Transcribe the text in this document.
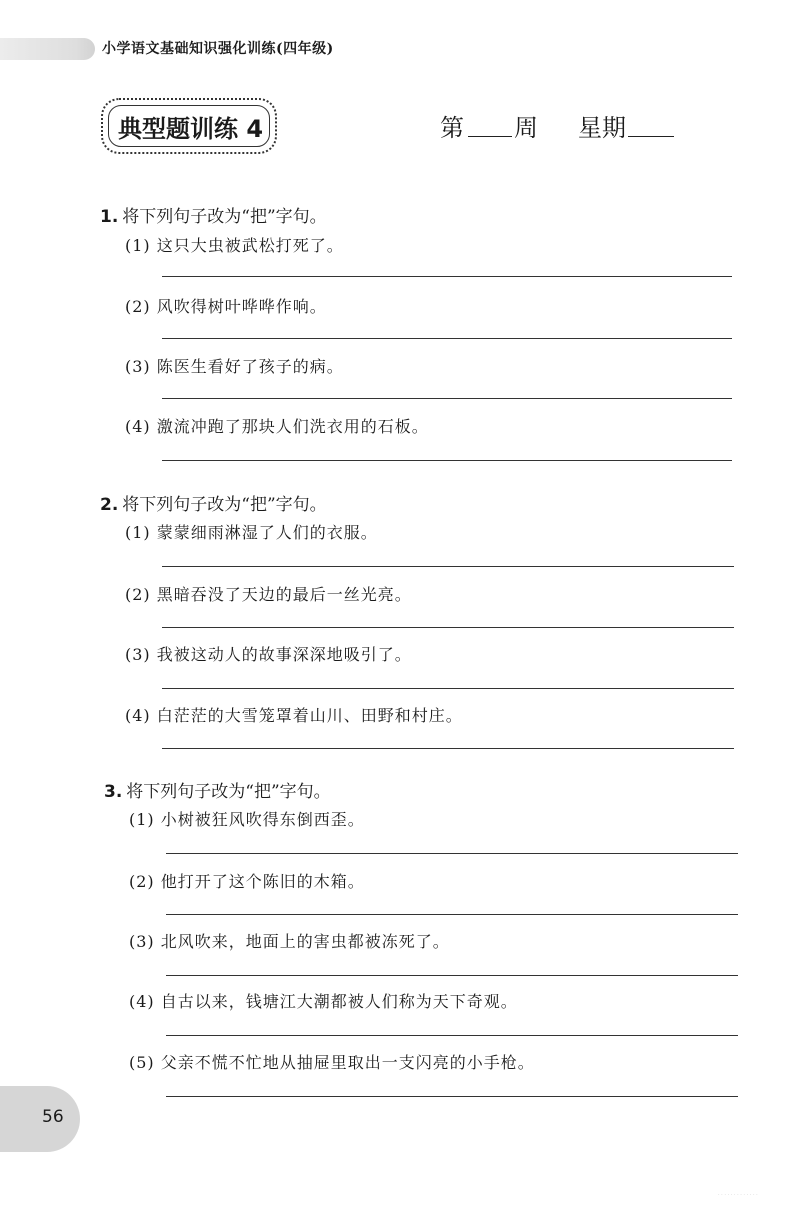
小学语文基础知识强化训练(四年级)
典型题训练 4	第 周 星期
1. 将下列句子改为“把”字句。
(1) 这只大虫被武松打死了。
(2) 风吹得树叶哗哗作响。
(3) 陈医生看好了孩子的病。
(4) 激流冲跑了那块人们洗衣用的石板。
2. 将下列句子改为“把”字句。
(1) 蒙蒙细雨淋湿了人们的衣服。
(2) 黑暗吞没了天边的最后一丝光亮。
(3) 我被这动人的故事深深地吸引了。
(4) 白茫茫的大雪笼罩着山川、田野和村庄。
3. 将下列句子改为“把”字句。
(1) 小树被狂风吹得东倒西歪。
(2) 他打开了这个陈旧的木箱。
(3) 北风吹来，地面上的害虫都被冻死了。
(4) 自古以来，钱塘江大潮都被人们称为天下奇观。
(5) 父亲不慌不忙地从抽屉里取出一支闪亮的小手枪。
56
· · · · · · · · · · · · ·
